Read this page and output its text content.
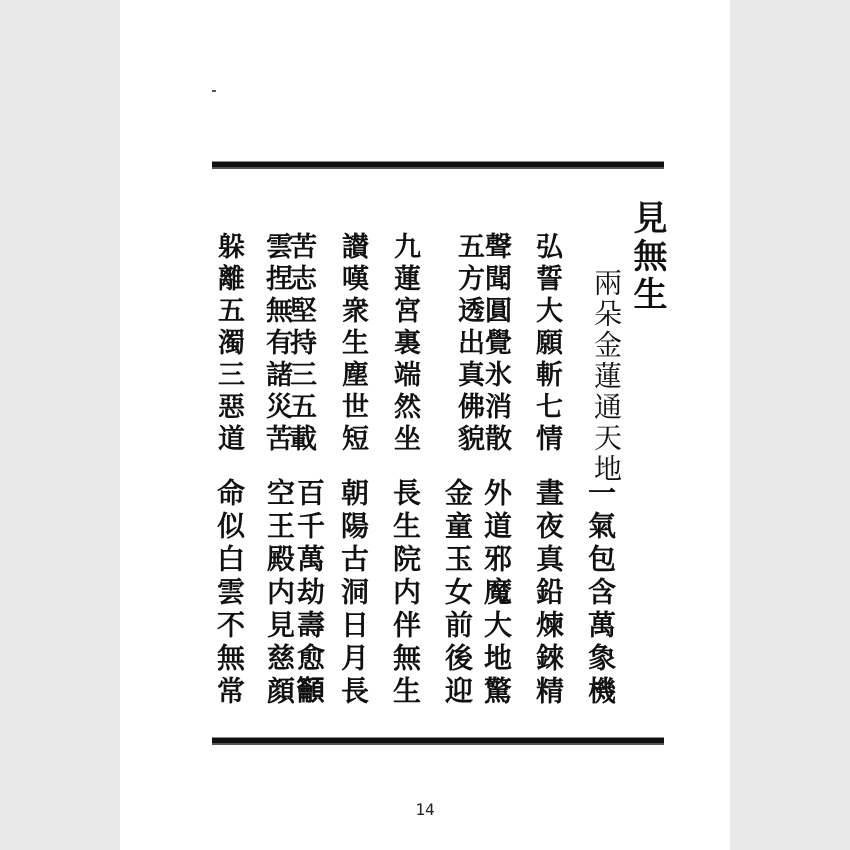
見無生
兩朵金蓮通天地
弘誓大願斬七情
聲聞圓覺氷消散
五方透出真佛貌
九蓮宮裏端然坐
讃嘆衆生塵世短
苦志堅持三五載
雲捏無有諸災苦
躲離五濁三惡道
一氣包含萬𧰼機
晝夜真鉛煉錸精
外道邪魔大地驚
金童玉女前後迎
長生院内伴無生
朝陽古洞日月長
百千萬劫壽愈𥸤
空王殿内見慈顔
命似白雲不無常
14
